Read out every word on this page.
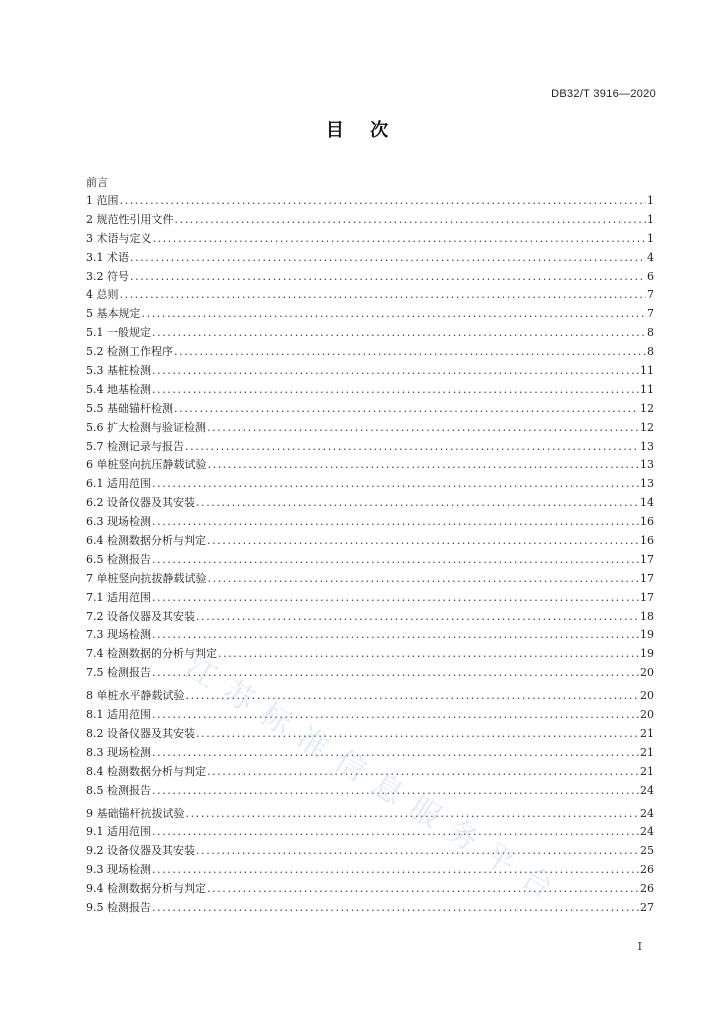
DB32/T 3916—2020
目 次
前言
1 范围 .....	1
2 规范性引用文件 .....	1
3 术语与定义 .....	1
3.1 术语 .....	4
3.2 符号 .....	6
4 总则 .....	7
5 基本规定 .....	7
5.1 一般规定 .....	8
5.2 检测工作程序 .....	8
5.3 基桩检测 .....	11
5.4 地基检测 .....	11
5.5 基础锚杆检测 .....	12
5.6 扩大检测与验证检测 .....	12
5.7 检测记录与报告 .....	13
6 单桩竖向抗压静载试验 .....	13
6.1 适用范围 .....	13
6.2 设备仪器及其安装 .....	14
6.3 现场检测 .....	16
6.4 检测数据分析与判定 .....	16
6.5 检测报告 .....	17
7 单桩竖向抗拔静载试验 .....	17
7.1 适用范围 .....	17
7.2 设备仪器及其安装 .....	18
7.3 现场检测 .....	19
7.4 检测数据的分析与判定 .....	19
7.5 检测报告 .....	20
8 单桩水平静载试验 .....	20
8.1 适用范围 .....	20
8.2 设备仪器及其安装 .....	21
8.3 现场检测 .....	21
8.4 检测数据分析与判定 .....	21
8.5 检测报告 .....	24
9 基础锚杆抗拔试验 .....	24
9.1 适用范围 .....	24
9.2 设备仪器及其安装 .....	25
9.3 现场检测 .....	26
9.4 检测数据分析与判定 .....	26
9.5 检测报告 .....	27
江苏标准信息服务平台
I
